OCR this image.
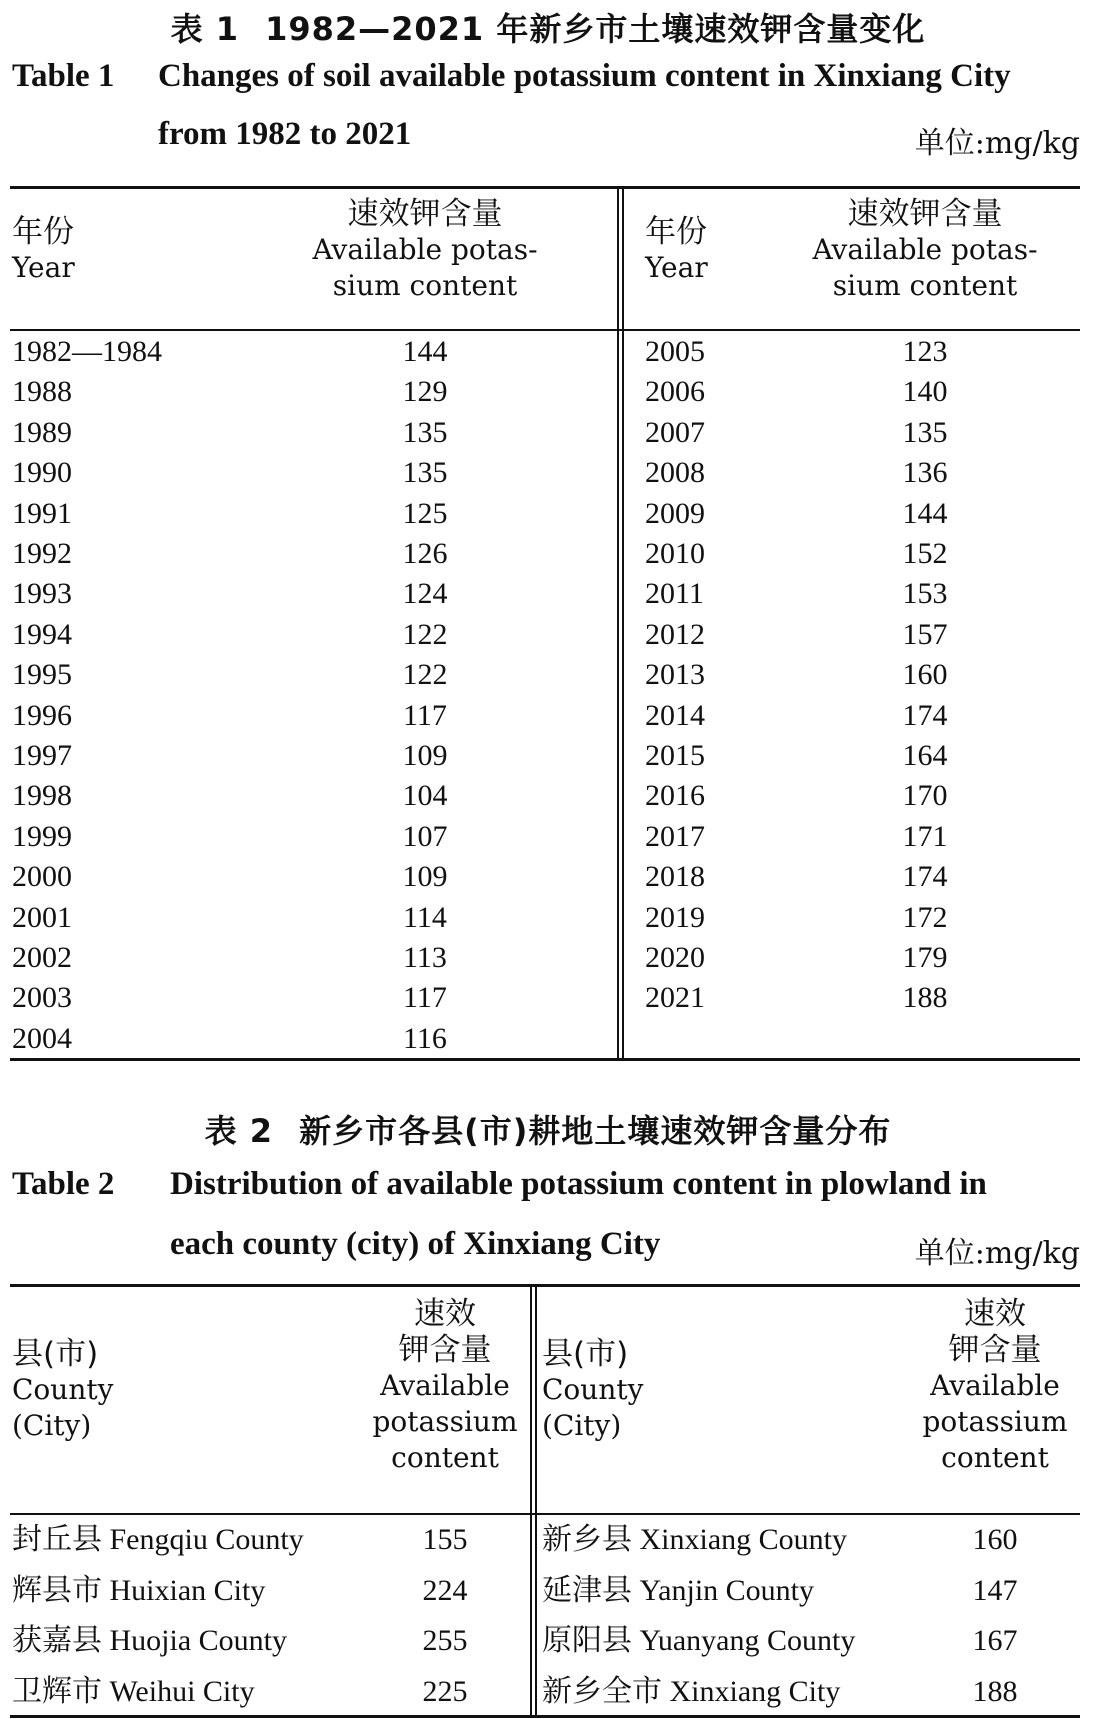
表 1 1982—2021 年新乡市土壤速效钾含量变化
Table 1 Changes of soil available potassium content in Xinxiang City
from 1982 to 2021	单位:mg/kg
年份
Year
速效钾含量
Available potas-
sium content
年份
Year
速效钾含量
Available potas-
sium content
1982—1984	144
1988	129
1989	135
1990	135
1991	125
1992	126
1993	124
1994	122
1995	122
1996	117
1997	109
1998	104
1999	107
2000	109
2001	114
2002	113
2003	117
2004	116
2005	123
2006	140
2007	135
2008	136
2009	144
2010	152
2011	153
2012	157
2013	160
2014	174
2015	164
2016	170
2017	171
2018	174
2019	172
2020	179
2021	188
表 2 新乡市各县(市)耕地土壤速效钾含量分布
Table 2 Distribution of available potassium content in plowland in
each county (city) of Xinxiang City	单位:mg/kg
县(市)
County
(City)
速效
钾含量
Available
potassium
content
县(市)
County
(City)
速效
钾含量
Available
potassium
content
封丘县 Fengqiu County	155
辉县市 Huixian City	224
获嘉县 Huojia County	255
卫辉市 Weihui City	225
新乡县 Xinxiang County	160
延津县 Yanjin County	147
原阳县 Yuanyang County	167
新乡全市 Xinxiang City	188
